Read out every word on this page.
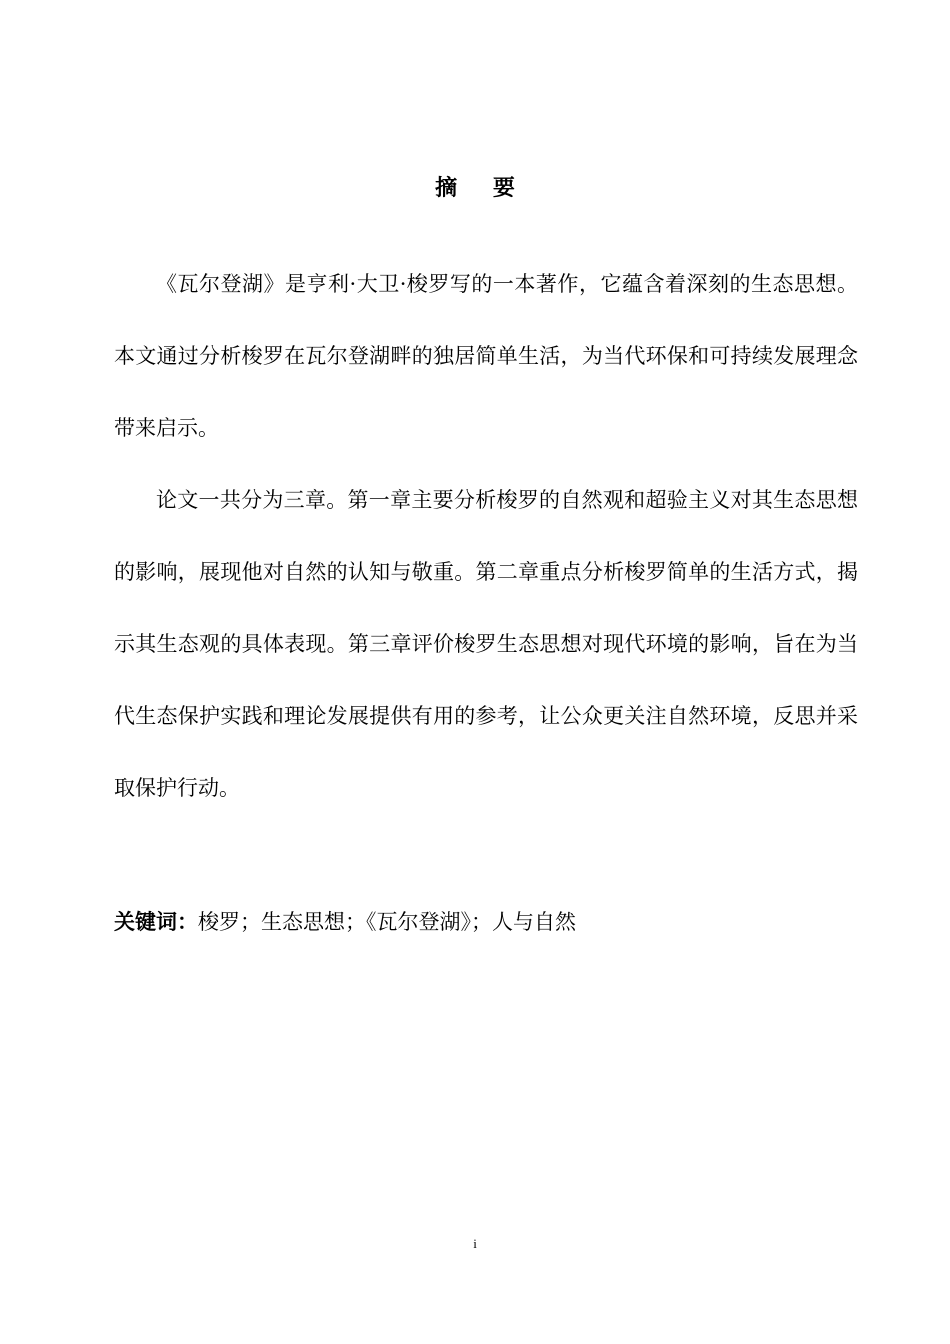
摘 要

《瓦尔登湖》是亨利·大卫·梭罗写的一本著作，它蕴含着深刻的生态思想。本文通过分析梭罗在瓦尔登湖畔的独居简单生活，为当代环保和可持续发展理念带来启示。

论文一共分为三章。第一章主要分析梭罗的自然观和超验主义对其生态思想的影响，展现他对自然的认知与敬重。第二章重点分析梭罗简单的生活方式，揭示其生态观的具体表现。第三章评价梭罗生态思想对现代环境的影响，旨在为当代生态保护实践和理论发展提供有用的参考，让公众更关注自然环境，反思并采取保护行动。

关键词：梭罗；生态思想；《瓦尔登湖》；人与自然
i
